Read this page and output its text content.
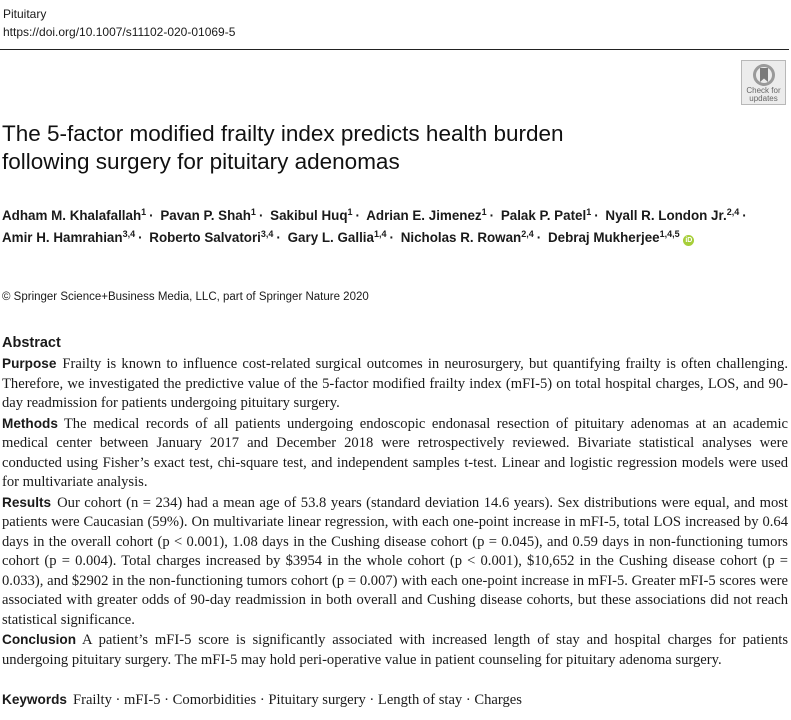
Pituitary
https://doi.org/10.1007/s11102-020-01069-5
Check for
updates
The 5-factor modified frailty index predicts health burden
following surgery for pituitary adenomas
Adham M. Khalafallah$^1$ · Pavan P. Shah$^1$ · Sakibul Huq$^1$ · Adrian E. Jimenez$^1$ · Palak P. Patel$^1$ · Nyall R. London Jr.$^{2,4}$ · Amir H. Hamrahian$^{3,4}$ · Roberto Salvatori$^{3,4}$ · Gary L. Gallia$^{1,4}$ · Nicholas R. Rowan$^{2,4}$ · Debraj Mukherjee$^{1,4,5}$ iD
© Springer Science+Business Media, LLC, part of Springer Nature 2020
Abstract

Purpose Frailty is known to influence cost-related surgical outcomes in neurosurgery, but quantifying frailty is often challenging. Therefore, we investigated the predictive value of the 5-factor modified frailty index (mFI-5) on total hospital charges, LOS, and 90-day readmission for patients undergoing pituitary surgery.

Methods The medical records of all patients undergoing endoscopic endonasal resection of pituitary adenomas at an academic medical center between January 2017 and December 2018 were retrospectively reviewed. Bivariate statistical analyses were conducted using Fisher’s exact test, chi-square test, and independent samples t-test. Linear and logistic regression models were used for multivariate analysis.

Results Our cohort (n = 234) had a mean age of 53.8 years (standard deviation 14.6 years). Sex distributions were equal, and most patients were Caucasian (59%). On multivariate linear regression, with each one-point increase in mFI-5, total LOS increased by 0.64 days in the overall cohort (p < 0.001), 1.08 days in the Cushing disease cohort (p = 0.045), and 0.59 days in non-functioning tumors cohort (p = 0.004). Total charges increased by $3954 in the whole cohort (p < 0.001), $10,652 in the Cushing disease cohort (p = 0.033), and $2902 in the non-functioning tumors cohort (p = 0.007) with each one-point increase in mFI-5. Greater mFI-5 scores were associated with greater odds of 90-day readmission in both overall and Cushing disease cohorts, but these associations did not reach statistical significance.

Conclusion A patient’s mFI-5 score is significantly associated with increased length of stay and hospital charges for patients undergoing pituitary surgery. The mFI-5 may hold peri-operative value in patient counseling for pituitary adenoma surgery.

Keywords Frailty · mFI-5 · Comorbidities · Pituitary surgery · Length of stay · Charges
